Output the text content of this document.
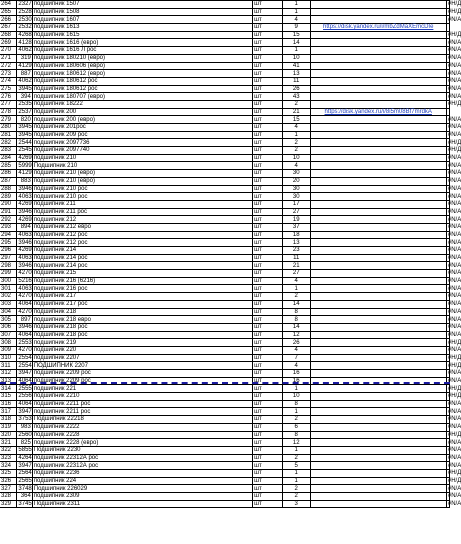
264	2327	подшипник 1507	шт	1		#Н/Д
265	2528	подшипник 1508	шт	1		#Н/Д
266	2530	подшипник 1607	шт	4		#N/A
267	2532	подшипник 1613	шт	9	https://disk.yandex.ru/i/mbZdMaXEmcDIe	
268	4268	подшипник 1615	шт	15		#Н/Д
269	4128	подшипник 1616 (евро)	шт	14		#N/A
270	4062	подшипник 1616 Л рос	шт	1		#N/A
271	319	подшипник 180210 (евро)	шт	10		#N/A
272	4129	подшипник 180606 (евро)	шт	41		#N/A
273	887	подшипник 180612 (евро)	шт	13		#N/A
274	4062	подшипник 180612 рос	шт	11		#N/A
275	3945	подшипник 180612 рос	шт	26		#N/A
276	394	подшипник 180707 (евро)	шт	43		#N/A
277	2535	подшипник 18222	шт	2		#Н/Д
278	2537	подшипник 200	шт	21	https://disk.yandex.ru/i/8i5m08Bf7mrdkA	
279	820	подшипник 200 (евро)	шт	15		#N/A
280	3945	подшипник 201рос	шт	4		#N/A
281	3945	подшипник 209 рос	шт	1		#N/A
282	2544	подшипник 2097736	шт	2		#Н/Д
283	2545	подшипник 2097740	шт	2		#Н/Д
284	4269	подшипник 210	шт	10		#N/A
285	5999	Подшипник 210	шт	4		#N/A
286	4129	подшипник 210 (евро)	шт	30		#N/A
287	883	подшипник 210 (евро)	шт	20		#N/A
288	3946	подшипник 210 рос	шт	30		#N/A
289	4063	подшипник 210 рос	шт	30		#N/A
290	4269	подшипник 211	шт	17		#N/A
291	3946	подшипник 211 рос	шт	27		#N/A
292	4269	подшипник 212	шт	19		#N/A
293	894	подшипник 212 евро	шт	37		#N/A
294	4063	подшипник 212 рос	шт	18		#N/A
295	3946	подшипник 212 рос	шт	13		#N/A
296	4269	подшипник 214	шт	23		#N/A
297	4063	подшипник 214 рос	шт	11		#N/A
298	3946	подшипник 214 рос	шт	21		#N/A
299	4270	подшипник 215	шт	27		#N/A
300	5216	подшипник 216 (6216)	шт	4		#N/A
301	4063	подшипник 216 рос	шт	1		#N/A
302	4270	подшипник 217	шт	2		#N/A
303	4064	подшипник 217 рос	шт	14		#N/A
304	4270	подшипник 218	шт	8		#N/A
305	897	подшипник 218 евро	шт	8		#N/A
306	3946	подшипник 218 рос	шт	14		#N/A
307	4064	подшипник 218 рос	шт	12		#N/A
308	2553	подшипник 219	шт	26		#Н/Д
309	4270	подшипник 220	шт	4		#N/A
310	2554	подшипник 2207	шт	7		#Н/Д
311	2554	ПОДШИПНИК 2207	шт	4		#Н/Д
312	3947	подшипник 2209 рос	шт	16		#N/A
313	4064	подшипник 2209 рос	шт	16		#N/A
314	2555	подшипник 221	шт	1		#Н/Д
315	2556	подшипник 2210	шт	10		#Н/Д
316	4064	подшипник 2211 рос	шт	8		#N/A
317	3947	подшипник 2211 рос	шт	1		#N/A
318	3753	Подшипник 22218	шт	2		#N/A
319	983	подшипник 2222	шт	6		#N/A
320	2560	подшипник 2228	шт	8		#Н/Д
321	825	подшипник 2228 (евро)	шт	12		#N/A
322	5855	Подшипник 2230	шт	1		#N/A
323	4264	подшипник 22312А рос	шт	2		#N/A
324	3947	подшипник 22312А рос	шт	5		#N/A
325	2564	подшипник 2236	шт	1		#Н/Д
326	2565	подшипник 224	шт	1		#Н/Д
327	3748	Подшипник 226029	шт	2		#N/A
328	364	подшипник 2309	шт	2		#N/A
329	3745	Подшипник 2311	шт	3		#N/A
